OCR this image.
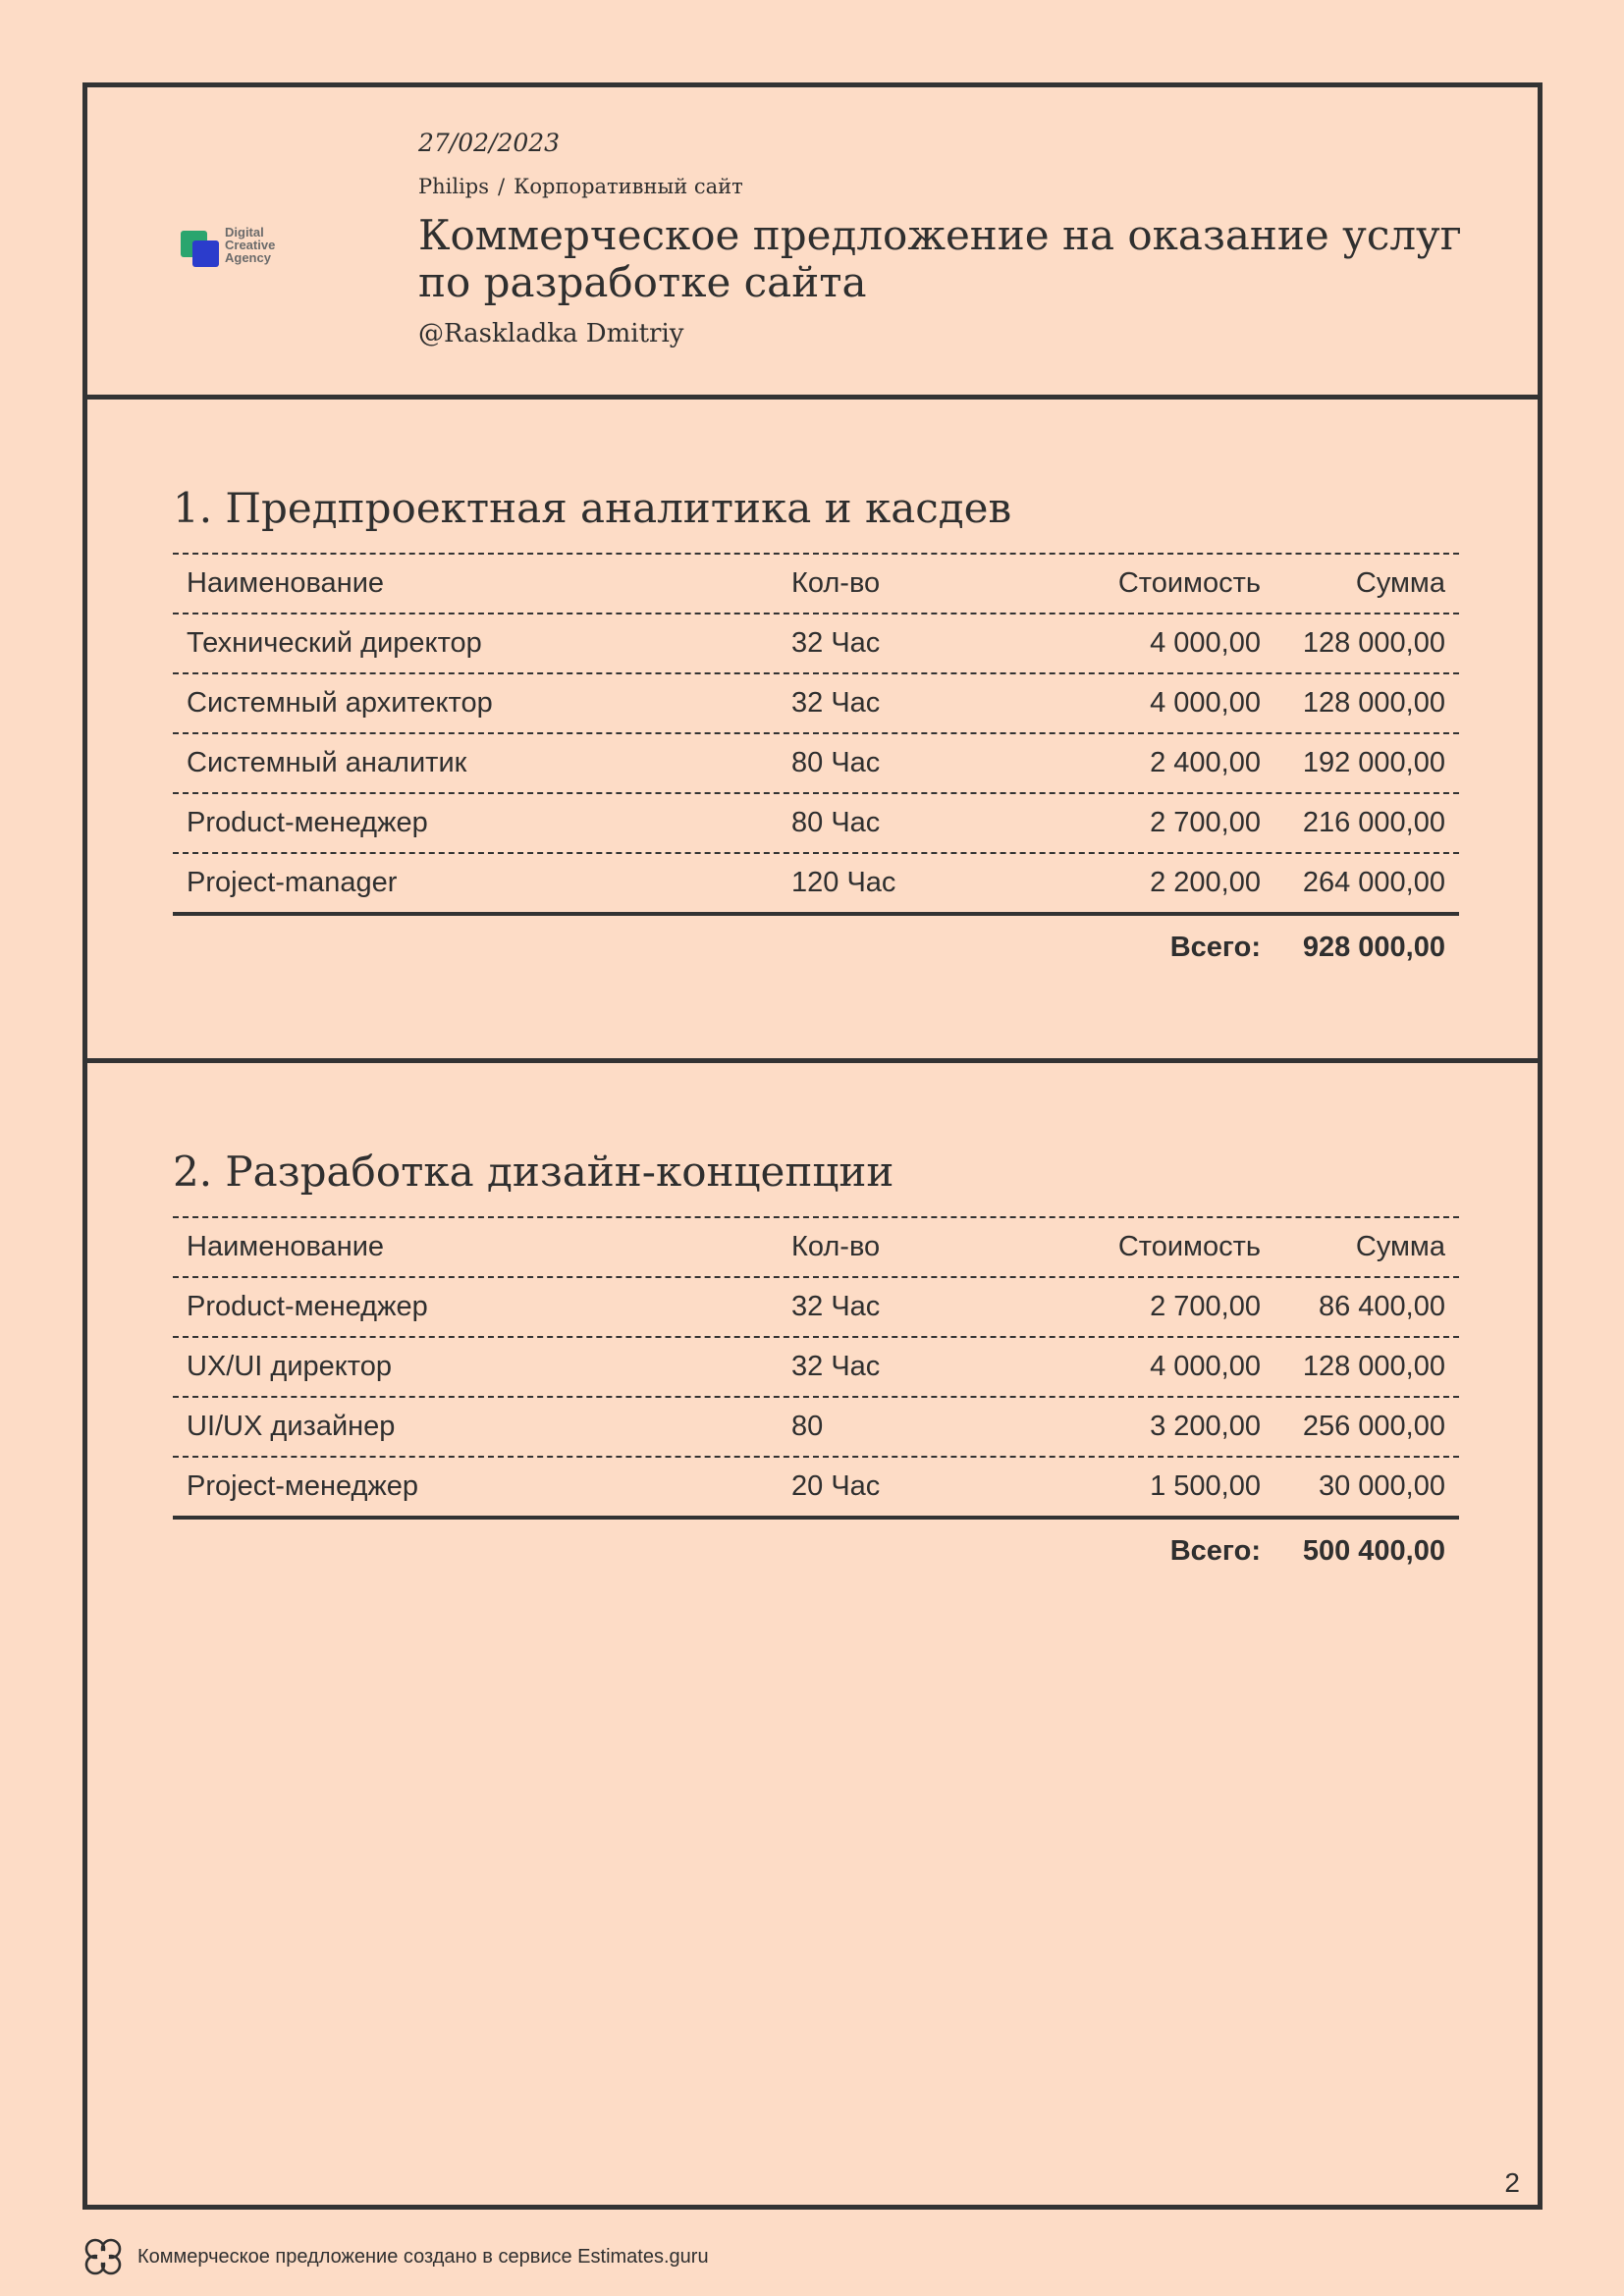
Digital
Creative
Agency
27/02/2023
Philips / Корпоративный сайт
Коммерческое предложение на оказание услуг по разработке сайта
@Raskladka Dmitriy
1. Предпроектная аналитика и касдев
Наименование	Кол-во	Стоимость	Сумма
Технический директор	32 Час	4 000,00	128 000,00
Системный архитектор	32 Час	4 000,00	128 000,00
Системный аналитик	80 Час	2 400,00	192 000,00
Product-менеджер	80 Час	2 700,00	216 000,00
Project-manager	120 Час	2 200,00	264 000,00
Всего:	928 000,00
2. Разработка дизайн-концепции
Наименование	Кол-во	Стоимость	Сумма
Product-менеджер	32 Час	2 700,00	86 400,00
UX/UI директор	32 Час	4 000,00	128 000,00
UI/UX дизайнер	80	3 200,00	256 000,00
Project-менеджер	20 Час	1 500,00	30 000,00
Всего:	500 400,00
2
Коммерческое предложение создано в сервисе Estimates.guru
